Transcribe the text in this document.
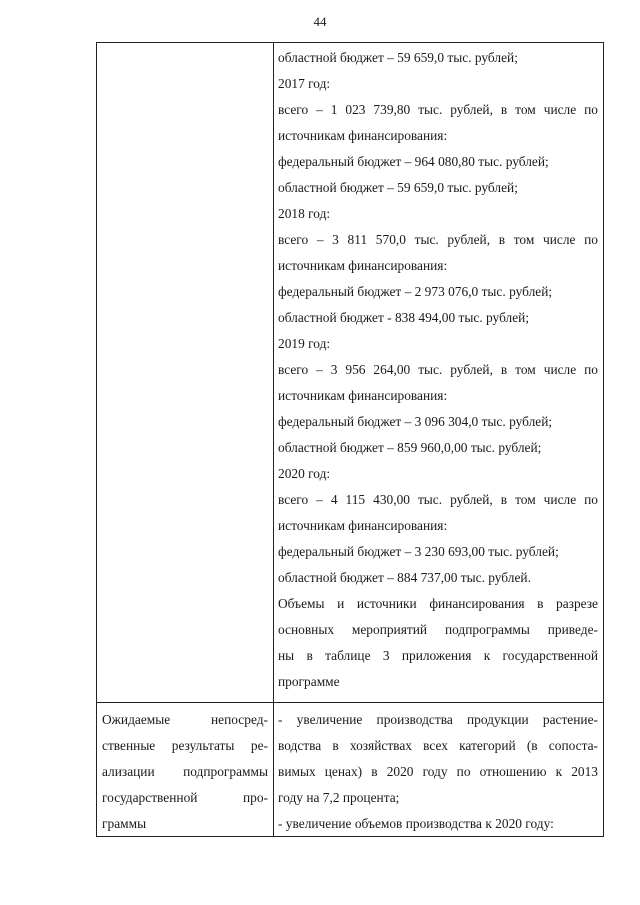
44
областной бюджет – 59 659,0 тыс. рублей;
2017 год:
всего – 1 023 739,80 тыс. рублей, в том числе по
источникам финансирования:
федеральный бюджет – 964 080,80 тыс. рублей;
областной бюджет – 59 659,0 тыс. рублей;
2018 год:
всего – 3 811 570,0 тыс. рублей, в том числе по
источникам финансирования:
федеральный бюджет – 2 973 076,0 тыс. рублей;
областной бюджет - 838 494,00 тыс. рублей;
2019 год:
всего – 3 956 264,00 тыс. рублей, в том числе по
источникам финансирования:
федеральный бюджет – 3 096 304,0 тыс. рублей;
областной бюджет – 859 960,0,00 тыс. рублей;
2020 год:
всего – 4 115 430,00 тыс. рублей, в том числе по
источникам финансирования:
федеральный бюджет – 3 230 693,00 тыс. рублей;
областной бюджет – 884 737,00 тыс. рублей.
Объемы и источники финансирования в разрезе
основных мероприятий подпрограммы приведе-
ны в таблице 3 приложения к государственной
программе
Ожидаемые непосред-
ственные результаты ре-
ализации подпрограммы
государственной про-
граммы
- увеличение производства продукции растение-
водства в хозяйствах всех категорий (в сопоста-
вимых ценах) в 2020 году по отношению к 2013
году на 7,2 процента;
- увеличение объемов производства к 2020 году:
